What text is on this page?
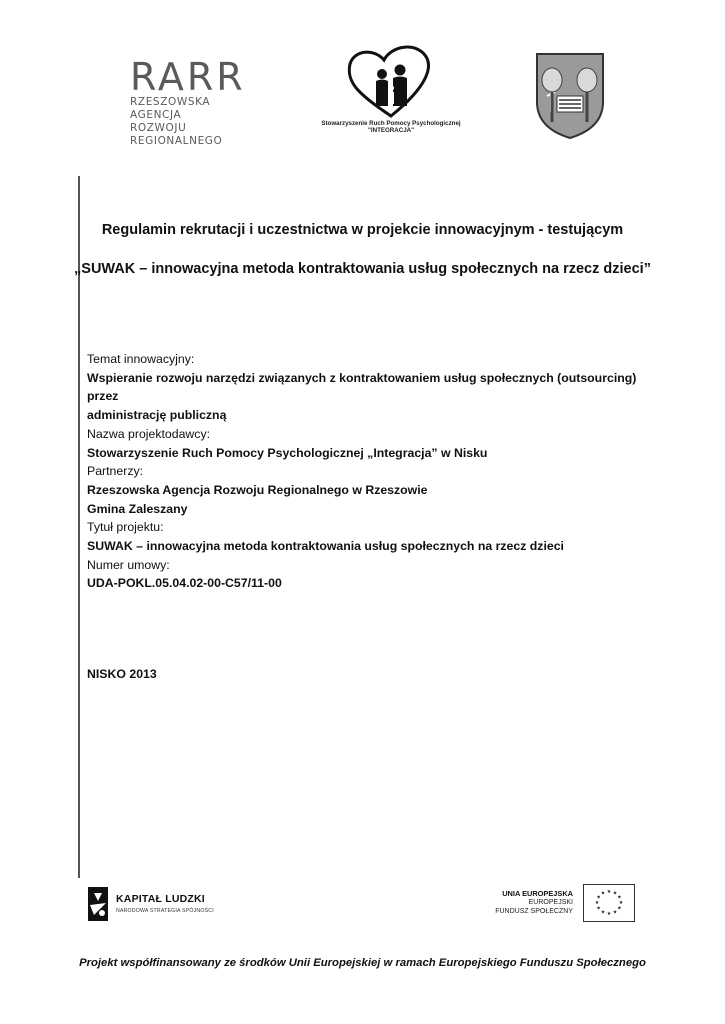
RARR
RZESZOWSKA AGENCJA
ROZWOJU REGIONALNEGO
Stowarzyszenie Ruch Pomocy Psychologicznej
"INTEGRACJA"
Regulamin rekrutacji i uczestnictwa w projekcie innowacyjnym - testującym
„SUWAK – innowacyjna metoda kontraktowania usług społecznych na rzecz dzieci”
Temat innowacyjny:
Wspieranie rozwoju narzędzi związanych z kontraktowaniem usług społecznych (outsourcing) przez
administrację publiczną
Nazwa projektodawcy:
Stowarzyszenie Ruch Pomocy Psychologicznej „Integracja” w Nisku
Partnerzy:
Rzeszowska Agencja Rozwoju Regionalnego w Rzeszowie
Gmina Zaleszany
Tytuł projektu:
SUWAK – innowacyjna metoda kontraktowania usług społecznych na rzecz dzieci
Numer umowy:
UDA-POKL.05.04.02-00-C57/11-00
NISKO 2013
KAPITAŁ LUDZKI
NARODOWA STRATEGIA SPÓJNOŚCI
UNIA EUROPEJSKA
EUROPEJSKI
FUNDUSZ SPOŁECZNY
★ ★
★
★
★
★
★
★
★
★
★
★
Projekt współfinansowany ze środków Unii Europejskiej w ramach Europejskiego Funduszu Społecznego
